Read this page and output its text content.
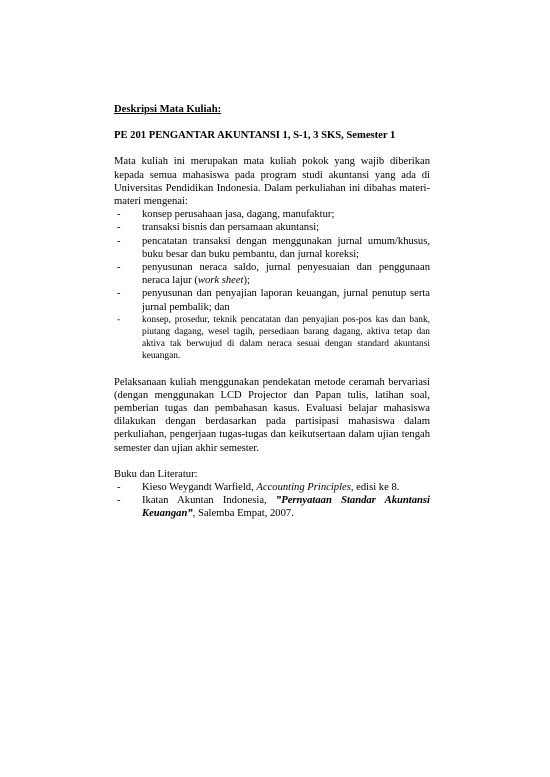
Deskripsi Mata Kuliah:

PE 201 PENGANTAR AKUNTANSI 1, S-1, 3 SKS, Semester 1

Mata kuliah ini merupakan mata kuliah pokok yang wajib diberikan kepada semua mahasiswa pada program studi akuntansi yang ada di Universitas Pendidikan Indonesia. Dalam perkuliahan ini dibahas materi-materi mengenai:

- konsep perusahaan jasa, dagang, manufaktur;
- transaksi bisnis dan persamaan akuntansi;
- pencatatan transaksi dengan menggunakan jurnal umum/khusus, buku besar dan buku pembantu, dan jurnal koreksi;
- penyusunan neraca saldo, jurnal penyesuaian dan penggunaan neraca lajur (work sheet);
- penyusunan dan penyajian laporan keuangan, jurnal penutup serta jurnal pembalik; dan
- konsep, prosedur, teknik pencatatan dan penyajian pos-pos kas dan bank, piutang dagang, wesel tagih, persediaan barang dagang, aktiva tetap dan aktiva tak berwujud di dalam neraca sesuai dengan standard akuntansi keuangan.

Pelaksanaan kuliah menggunakan pendekatan metode ceramah bervariasi (dengan menggunakan LCD Projector dan Papan tulis, latihan soal, pemberian tugas dan pembahasan kasus. Evaluasi belajar mahasiswa dilakukan dengan berdasarkan pada partisipasi mahasiswa dalam perkuliahan, pengerjaan tugas-tugas dan keikutsertaan dalam ujian tengah semester dan ujian akhir semester.

Buku dan Literatur:

- Kieso Weygandt Warfield, Accounting Principles, edisi ke 8.
- Ikatan Akuntan Indonesia, ”Pernyataan Standar Akuntansi Keuangan”, Salemba Empat, 2007.
